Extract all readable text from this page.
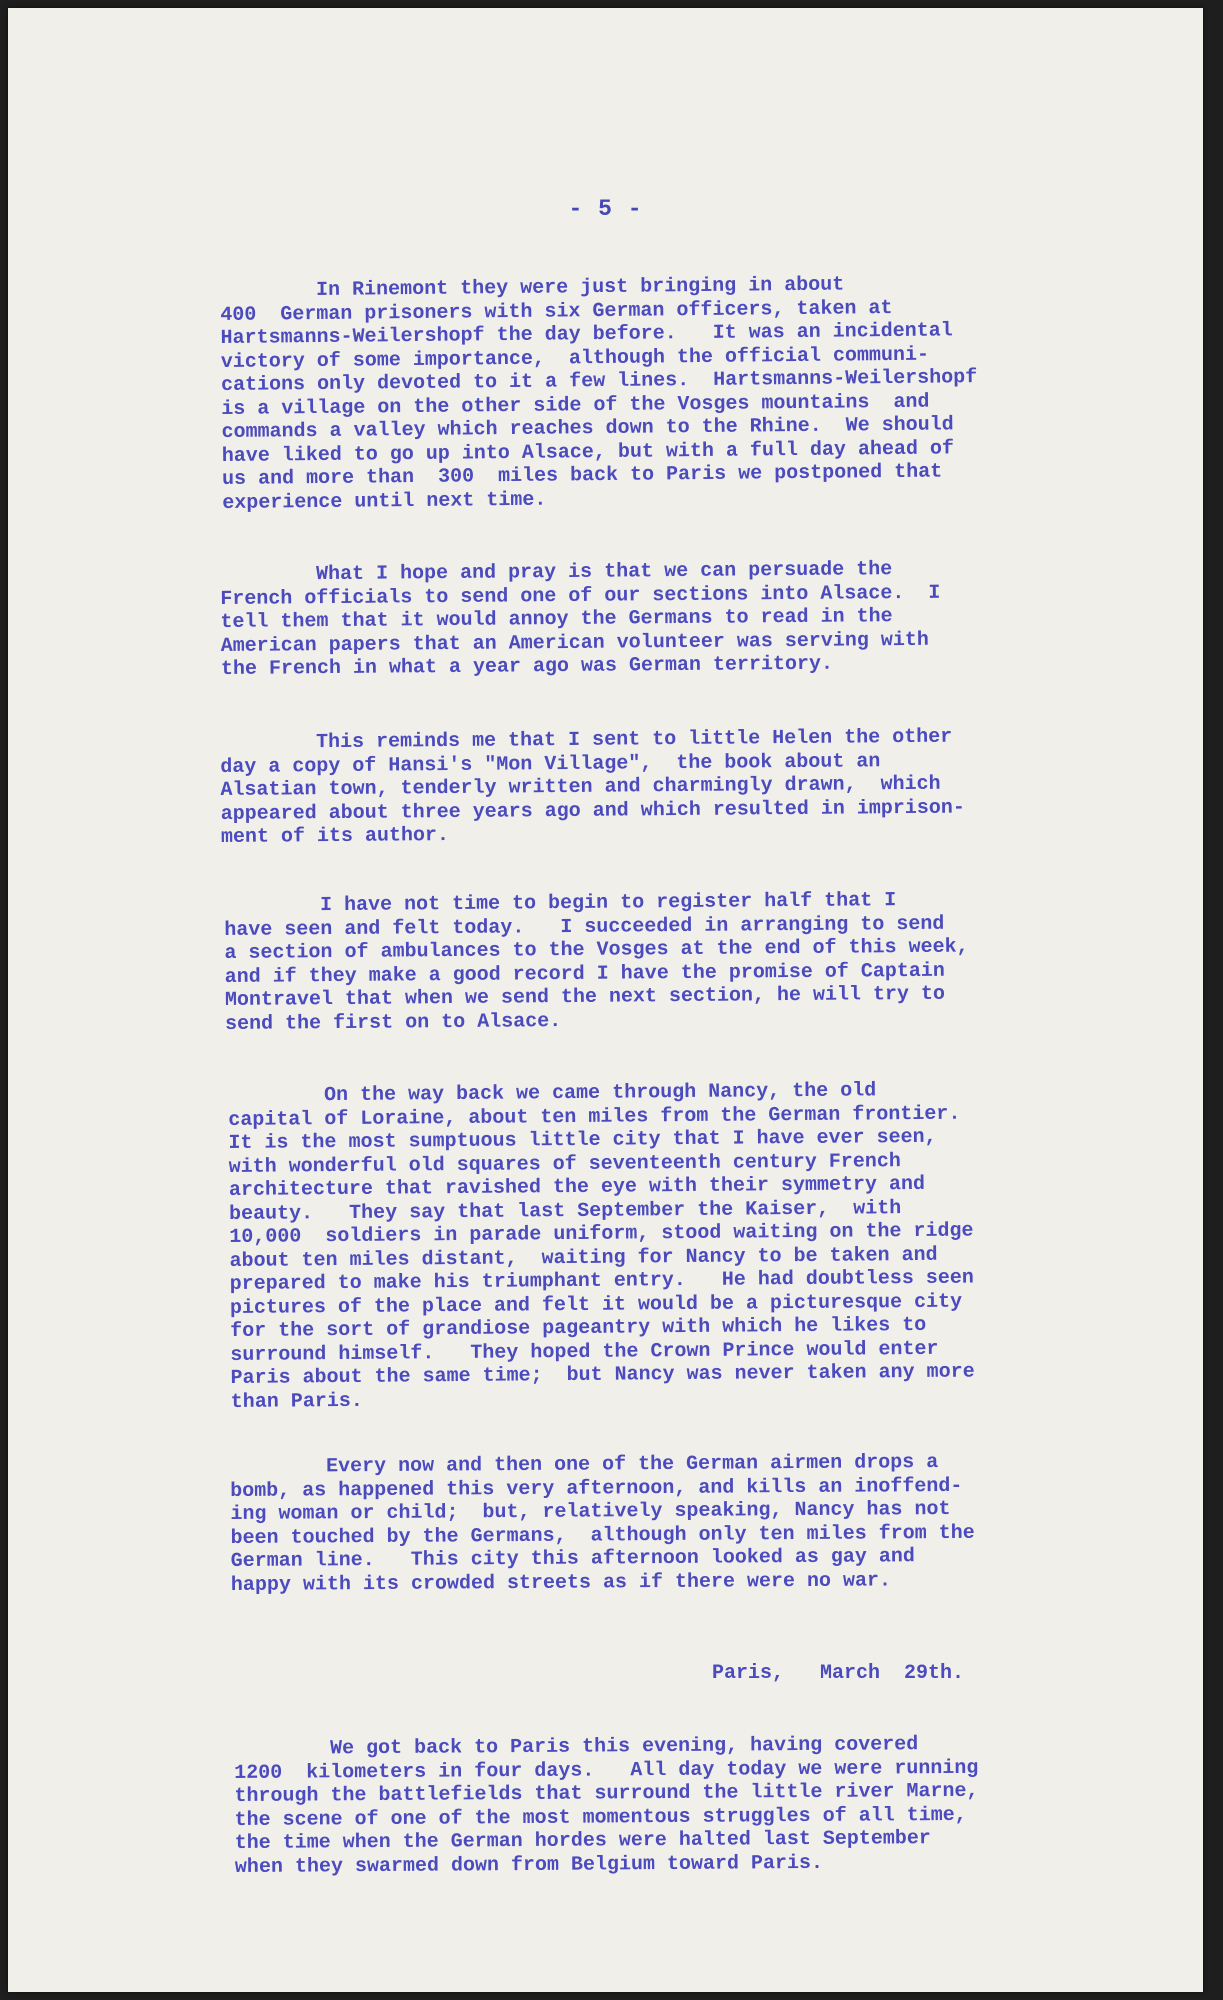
- 5 -

In Rinemont they were just bringing in about
400  German prisoners with six German officers, taken at
Hartsmanns-Weilershopf the day before.   It was an incidental
victory of some importance,  although the official communi-
cations only devoted to it a few lines.  Hartsmanns-Weilershopf
is a village on the other side of the Vosges mountains  and
commands a valley which reaches down to the Rhine.  We should
have liked to go up into Alsace, but with a full day ahead of
us and more than  300  miles back to Paris we postponed that
experience until next time.

What I hope and pray is that we can persuade the
French officials to send one of our sections into Alsace.  I
tell them that it would annoy the Germans to read in the
American papers that an American volunteer was serving with
the French in what a year ago was German territory.

This reminds me that I sent to little Helen the other
day a copy of Hansi's "Mon Village",  the book about an
Alsatian town, tenderly written and charmingly drawn,  which
appeared about three years ago and which resulted in imprison-
ment of its author.

I have not time to begin to register half that I
have seen and felt today.   I succeeded in arranging to send
a section of ambulances to the Vosges at the end of this week,
and if they make a good record I have the promise of Captain
Montravel that when we send the next section, he will try to
send the first on to Alsace.

On the way back we came through Nancy, the old
capital of Loraine, about ten miles from the German frontier.
It is the most sumptuous little city that I have ever seen,
with wonderful old squares of seventeenth century French
architecture that ravished the eye with their symmetry and
beauty.   They say that last September the Kaiser,  with
10,000  soldiers in parade uniform, stood waiting on the ridge
about ten miles distant,  waiting for Nancy to be taken and
prepared to make his triumphant entry.   He had doubtless seen
pictures of the place and felt it would be a picturesque city
for the sort of grandiose pageantry with which he likes to
surround himself.   They hoped the Crown Prince would enter
Paris about the same time;  but Nancy was never taken any more
than Paris.

Every now and then one of the German airmen drops a
bomb, as happened this very afternoon, and kills an inoffend-
ing woman or child;  but, relatively speaking, Nancy has not
been touched by the Germans,  although only ten miles from the
German line.   This city this afternoon looked as gay and
happy with its crowded streets as if there were no war.

Paris,   March  29th.

We got back to Paris this evening, having covered
1200  kilometers in four days.   All day today we were running
through the battlefields that surround the little river Marne,
the scene of one of the most momentous struggles of all time,
the time when the German hordes were halted last September
when they swarmed down from Belgium toward Paris.
